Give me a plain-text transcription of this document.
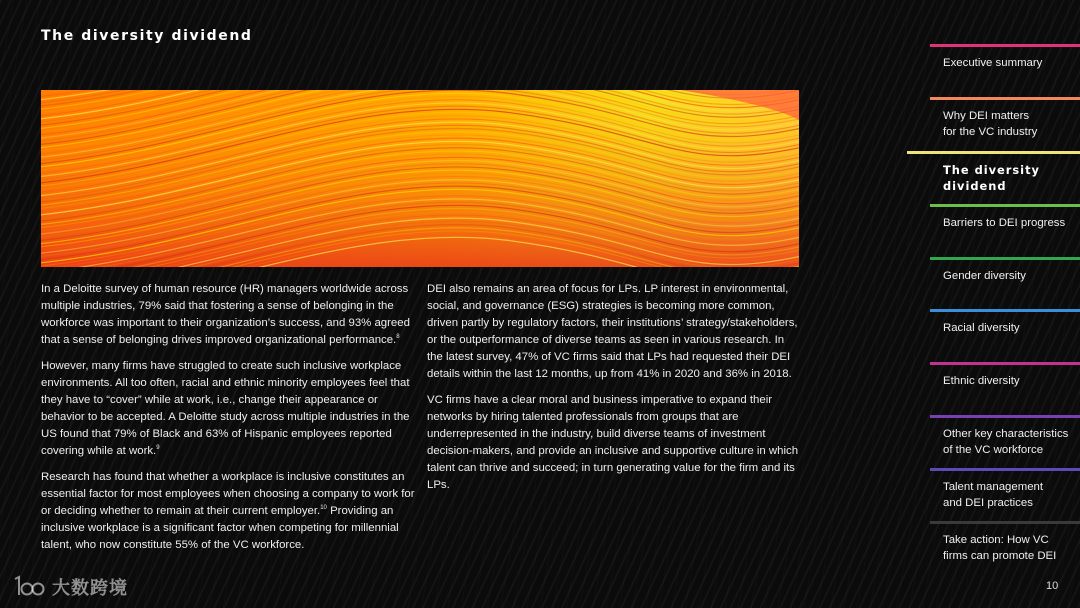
The diversity dividend

In a Deloitte survey of human resource (HR) managers worldwide across multiple industries, 79% said that fostering a sense of belonging in the workforce was important to their organization’s success, and 93% agreed that a sense of belonging drives improved organizational performance.$^8$

However, many firms have struggled to create such inclusive workplace environments. All too often, racial and ethnic minority employees feel that they have to “cover” while at work, i.e., change their appearance or behavior to be accepted. A Deloitte study across multiple industries in the US found that 79% of Black and 63% of Hispanic employees reported covering while at work.$^9$

Research has found that whether a workplace is inclusive constitutes an essential factor for most employees when choosing a company to work for or deciding whether to remain at their current employer.$^{10}$ Providing an inclusive workplace is a significant factor when competing for millennial talent, who now constitute 55% of the VC workforce.

DEI also remains an area of focus for LPs. LP interest in environmental, social, and governance (ESG) strategies is becoming more common, driven partly by regulatory factors, their institutions’ strategy/stakeholders, or the outperformance of diverse teams as seen in various research. In the latest survey, 47% of VC firms said that LPs had requested their DEI details within the last 12 months, up from 41% in 2020 and 36% in 2018.

VC firms have a clear moral and business imperative to expand their networks by hiring talented professionals from groups that are underrepresented in the industry, build diverse teams of investment decision-makers, and provide an inclusive and supportive culture in which talent can thrive and succeed; in turn generating value for the firm and its LPs.

Executive summary
Why DEI matters
for the VC industry
The diversity
dividend
Barriers to DEI progress
Gender diversity
Racial diversity
Ethnic diversity
Other key characteristics
of the VC workforce
Talent management
and DEI practices
Take action: How VC
firms can promote DEI
10
大数跨境
